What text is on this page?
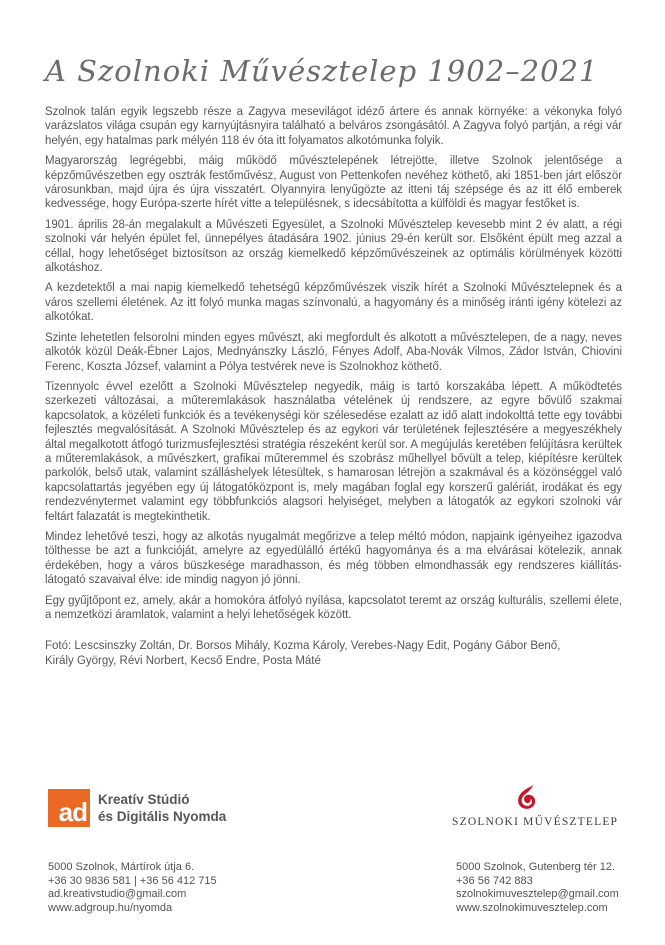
A Szolnoki Művésztelep 1902–2021

Szolnok talán egyik legszebb része a Zagyva mesevilágot idéző ártere és annak környéke: a vékonyka folyó varázslatos világa csupán egy karnyújtásnyira található a belváros zsongásától. A Zagyva folyó partján, a régi vár helyén, egy hatalmas park mélyén 118 év óta itt folyamatos alkotómunka folyik.

Magyarország legrégebbi, máig működő művésztelepének létrejötte, illetve Szolnok jelentősége a képzőművészetben egy osztrák festőművész, August von Pettenkofen nevéhez köthető, aki 1851-ben járt először városunkban, majd újra és újra visszatért. Olyannyira lenyűgözte az itteni táj szépsége és az itt élő emberek kedvessége, hogy Európa-szerte hírét vitte a településnek, s idecsábította a külföldi és magyar festőket is.

1901. április 28-án megalakult a Művészeti Egyesület, a Szolnoki Művésztelep kevesebb mint 2 év alatt, a régi szolnoki vár helyén épület fel, ünnepélyes átadására 1902. június 29-én került sor. Elsőként épült meg azzal a céllal, hogy lehetőséget biztosítson az ország kiemelkedő képzőművészeinek az optimális körülmények közötti alkotáshoz.

A kezdetektől a mai napig kiemelkedő tehetségű képzőművészek viszik hírét a Szolnoki Művésztelepnek és a város szellemi életének. Az itt folyó munka magas színvonalú, a hagyomány és a minőség iránti igény kötelezi az alkotókat.

Szinte lehetetlen felsorolni minden egyes művészt, aki megfordult és alkotott a művésztelepen, de a nagy, neves alkotók közül Deák-Ébner Lajos, Mednyánszky László, Fényes Adolf, Aba-Novák Vilmos, Zádor István, Chiovini Ferenc, Koszta József, valamint a Pólya testvérek neve is Szolnokhoz köthető.

Tizennyolc évvel ezelőtt a Szolnoki Művésztelep negyedik, máig is tartó korszakába lépett. A működtetés szerkezeti változásai, a műteremlakások használatba vételének új rendszere, az egyre bővülő szakmai kapcsolatok, a közéleti funkciók és a tevékenységi kör szélesedése ezalatt az idő alatt indokolttá tette egy további fejlesztés megvalósítását. A Szolnoki Művésztelep és az egykori vár területének fejlesztésére a megyeszékhely által megalkotott átfogó turizmusfejlesztési stratégia részeként kerül sor. A megújulás keretében felújításra kerültek a műteremlakások, a művészkert, grafikai műteremmel és szobrász műhellyel bővült a telep, kiépítésre kerültek parkolók, belső utak, valamint szálláshelyek létesültek, s hamarosan létrejön a szakmával és a közönséggel való kapcsolattartás jegyében egy új látogatóközpont is, mely magában foglal egy korszerű galériát, irodákat és egy rendezvénytermet valamint egy többfunkciós alagsori helyiséget, melyben a látogatók az egykori szolnoki vár feltárt falazatát is megtekinthetik.

Mindez lehetővé teszi, hogy az alkotás nyugalmát megőrizve a telep méltó módon, napjaink igényeihez igazodva tölthesse be azt a funkcióját, amelyre az egyedülálló értékű hagyománya és a ma elvárásai kötelezik, annak érdekében, hogy a város büszkesége maradhasson, és még többen elmondhassák egy rendszeres kiállítás-látogató szavaival élve: ide mindig nagyon jó jönni.

Egy gyűjtőpont ez, amely, akár a homokóra átfolyó nyílása, kapcsolatot teremt az ország kulturális, szellemi élete, a nemzetközi áramlatok, valamint a helyi lehetőségek között.

Fotó: Lescsinszky Zoltán, Dr. Borsos Mihály, Kozma Károly, Verebes-Nagy Edit, Pogány Gábor Benő, Király György, Révi Norbert, Kecső Endre, Posta Máté
ad Kreatív Stúdió
és Digitális Nyomda
5000 Szolnok, Mártírok útja 6.
+36 30 9836 581 | +36 56 412 715
ad.kreativstudio@gmail.com
www.adgroup.hu/nyomda
SZOLNOKI MŰVÉSZTELEP
5000 Szolnok, Gutenberg tér 12.
+36 56 742 883
szolnokimuvesztelep@gmail.com
www.szolnokimuvesztelep.com
